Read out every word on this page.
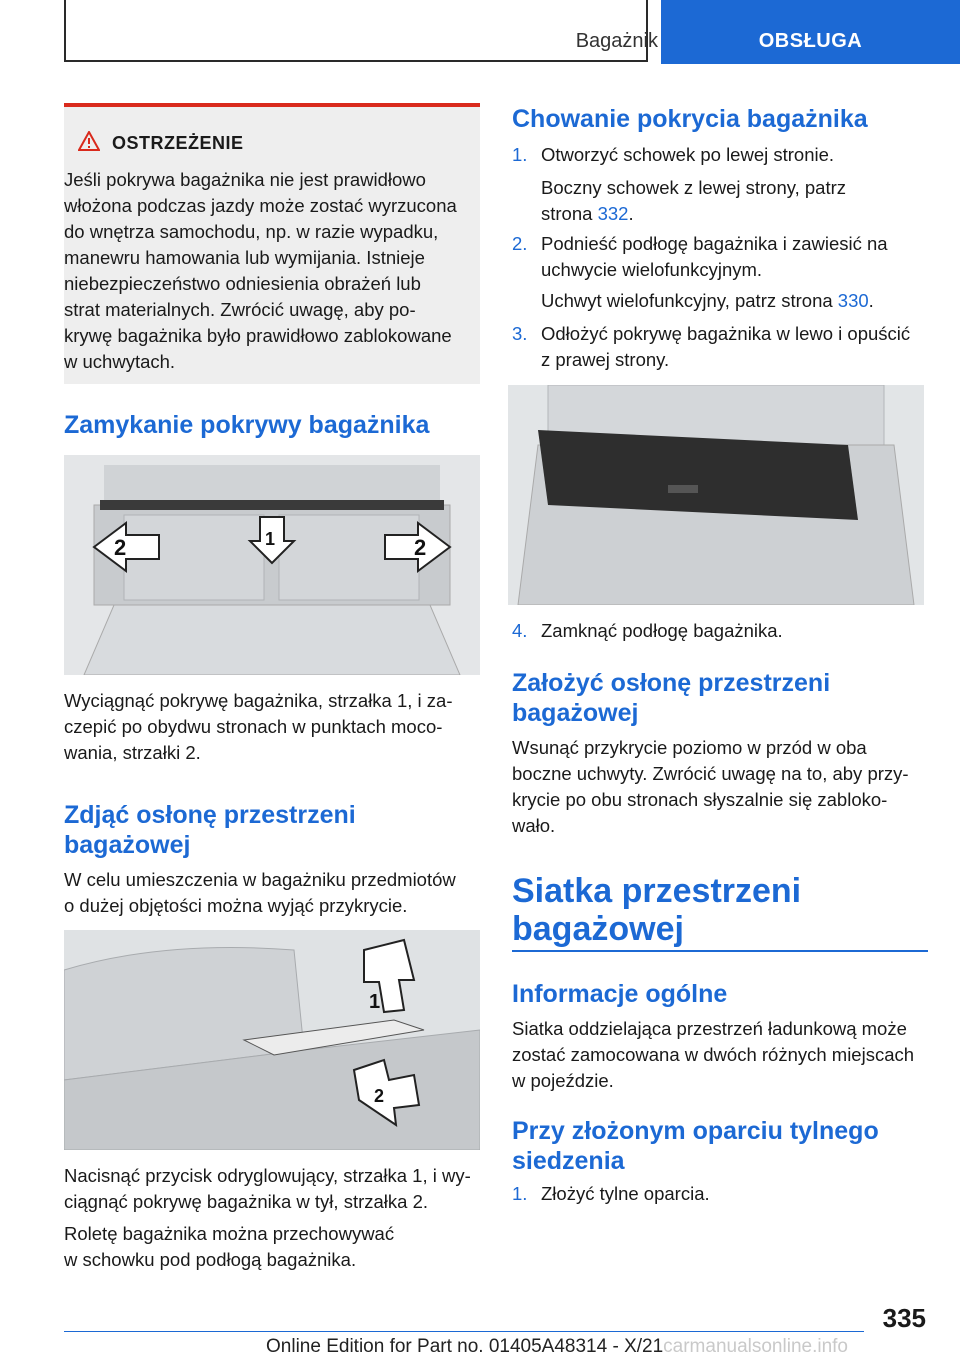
Bagażnik	OBSŁUGA
OSTRZEŻENIE
Jeśli pokrywa bagażnika nie jest prawidłowo
włożona podczas jazdy może zostać wyrzucona
do wnętrza samochodu, np. w razie wypadku,
manewru hamowania lub wymijania. Istnieje
niebezpieczeństwo odniesienia obrażeń lub
strat materialnych. Zwrócić uwagę, aby po‐
krywę bagażnika było prawidłowo zablokowane
w uchwytach.
Zamykanie pokrywy bagażnika
2	1	2
Wyciągnąć pokrywę bagażnika, strzałka 1, i za‐
czepić po obydwu stronach w punktach moco‐
wania, strzałki 2.
Zdjąć osłonę przestrzeni
bagażowej
W celu umieszczenia w bagażniku przedmiotów
o dużej objętości można wyjąć przykrycie.
1
2
Nacisnąć przycisk odryglowujący, strzałka 1, i wy‐
ciągnąć pokrywę bagażnika w tył, strzałka 2.
Roletę bagażnika można przechowywać
w schowku pod podłogą bagażnika.
Chowanie pokrycia bagażnika
1. Otworzyć schowek po lewej stronie.
Boczny schowek z lewej strony, patrz
strona 332.
2. Podnieść podłogę bagażnika i zawiesić na
uchwycie wielofunkcyjnym.
Uchwyt wielofunkcyjny, patrz strona 330.
3. Odłożyć pokrywę bagażnika w lewo i opuścić
z prawej strony.
4. Zamknąć podłogę bagażnika.
Założyć osłonę przestrzeni
bagażowej
Wsunąć przykrycie poziomo w przód w oba
boczne uchwyty. Zwrócić uwagę na to, aby przy‐
krycie po obu stronach słyszalnie się zabloko‐
wało.
Siatka przestrzeni
bagażowej
Informacje ogólne
Siatka oddzielająca przestrzeń ładunkową może
zostać zamocowana w dwóch różnych miejscach
w pojeździe.
Przy złożonym oparciu tylnego
siedzenia
1. Złożyć tylne oparcia.
335
Online Edition for Part no. 01405A48314 - X/21carmanualsonline.info
